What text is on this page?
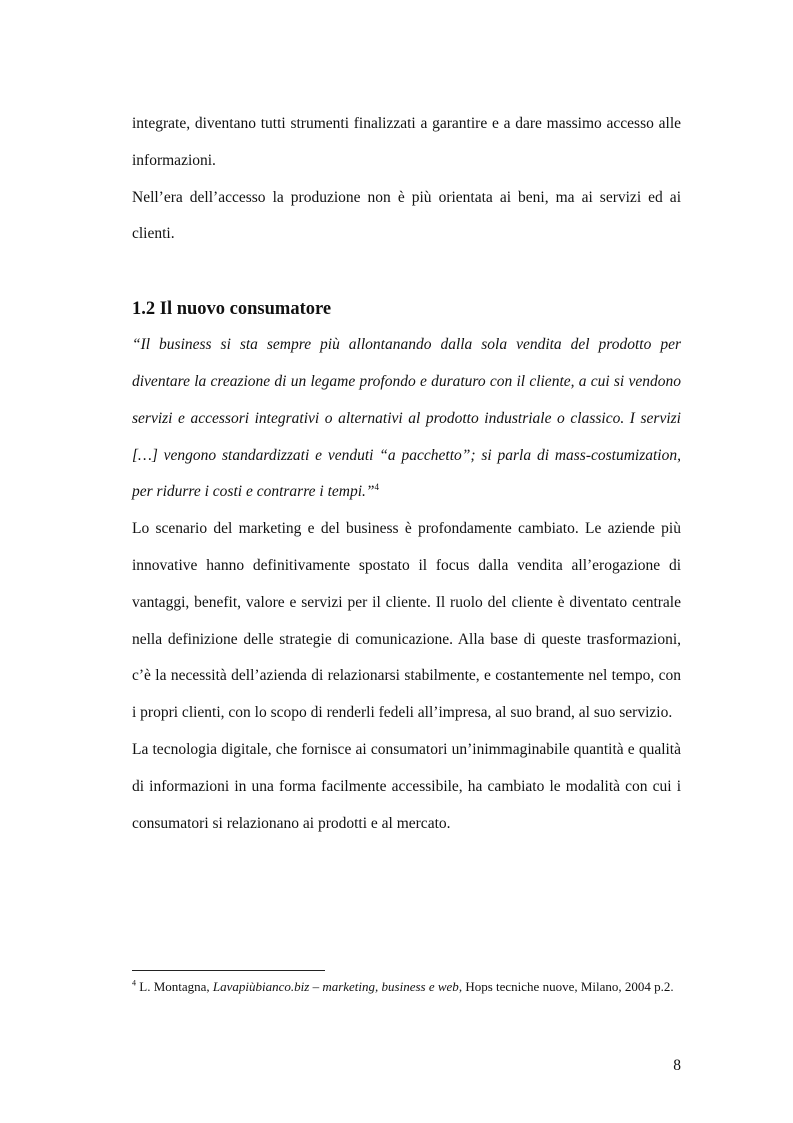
integrate, diventano tutti strumenti finalizzati a garantire e a dare massimo accesso alle informazioni.

Nell’era dell’accesso la produzione non è più orientata ai beni, ma ai servizi ed ai clienti.

1.2 Il nuovo consumatore

“Il business si sta sempre più allontanando dalla sola vendita del prodotto per diventare la creazione di un legame profondo e duraturo con il cliente, a cui si vendono servizi e accessori integrativi o alternativi al prodotto industriale o classico. I servizi […] vengono standardizzati e venduti “a pacchetto”; si parla di mass-costumization, per ridurre i costi e contrarre i tempi.”$^4$

Lo scenario del marketing e del business è profondamente cambiato. Le aziende più innovative hanno definitivamente spostato il focus dalla vendita all’erogazione di vantaggi, benefit, valore e servizi per il cliente. Il ruolo del cliente è diventato centrale nella definizione delle strategie di comunicazione. Alla base di queste trasformazioni, c’è la necessità dell’azienda di relazionarsi stabilmente, e costantemente nel tempo, con i propri clienti, con lo scopo di renderli fedeli all’impresa, al suo brand, al suo servizio.

La tecnologia digitale, che fornisce ai consumatori un’inimmaginabile quantità e qualità di informazioni in una forma facilmente accessibile, ha cambiato le modalità con cui i consumatori si relazionano ai prodotti e al mercato.

$^4$ L. Montagna, Lavapiùbianco.biz – marketing, business e web, Hops tecniche nuove, Milano, 2004 p.2.
8
